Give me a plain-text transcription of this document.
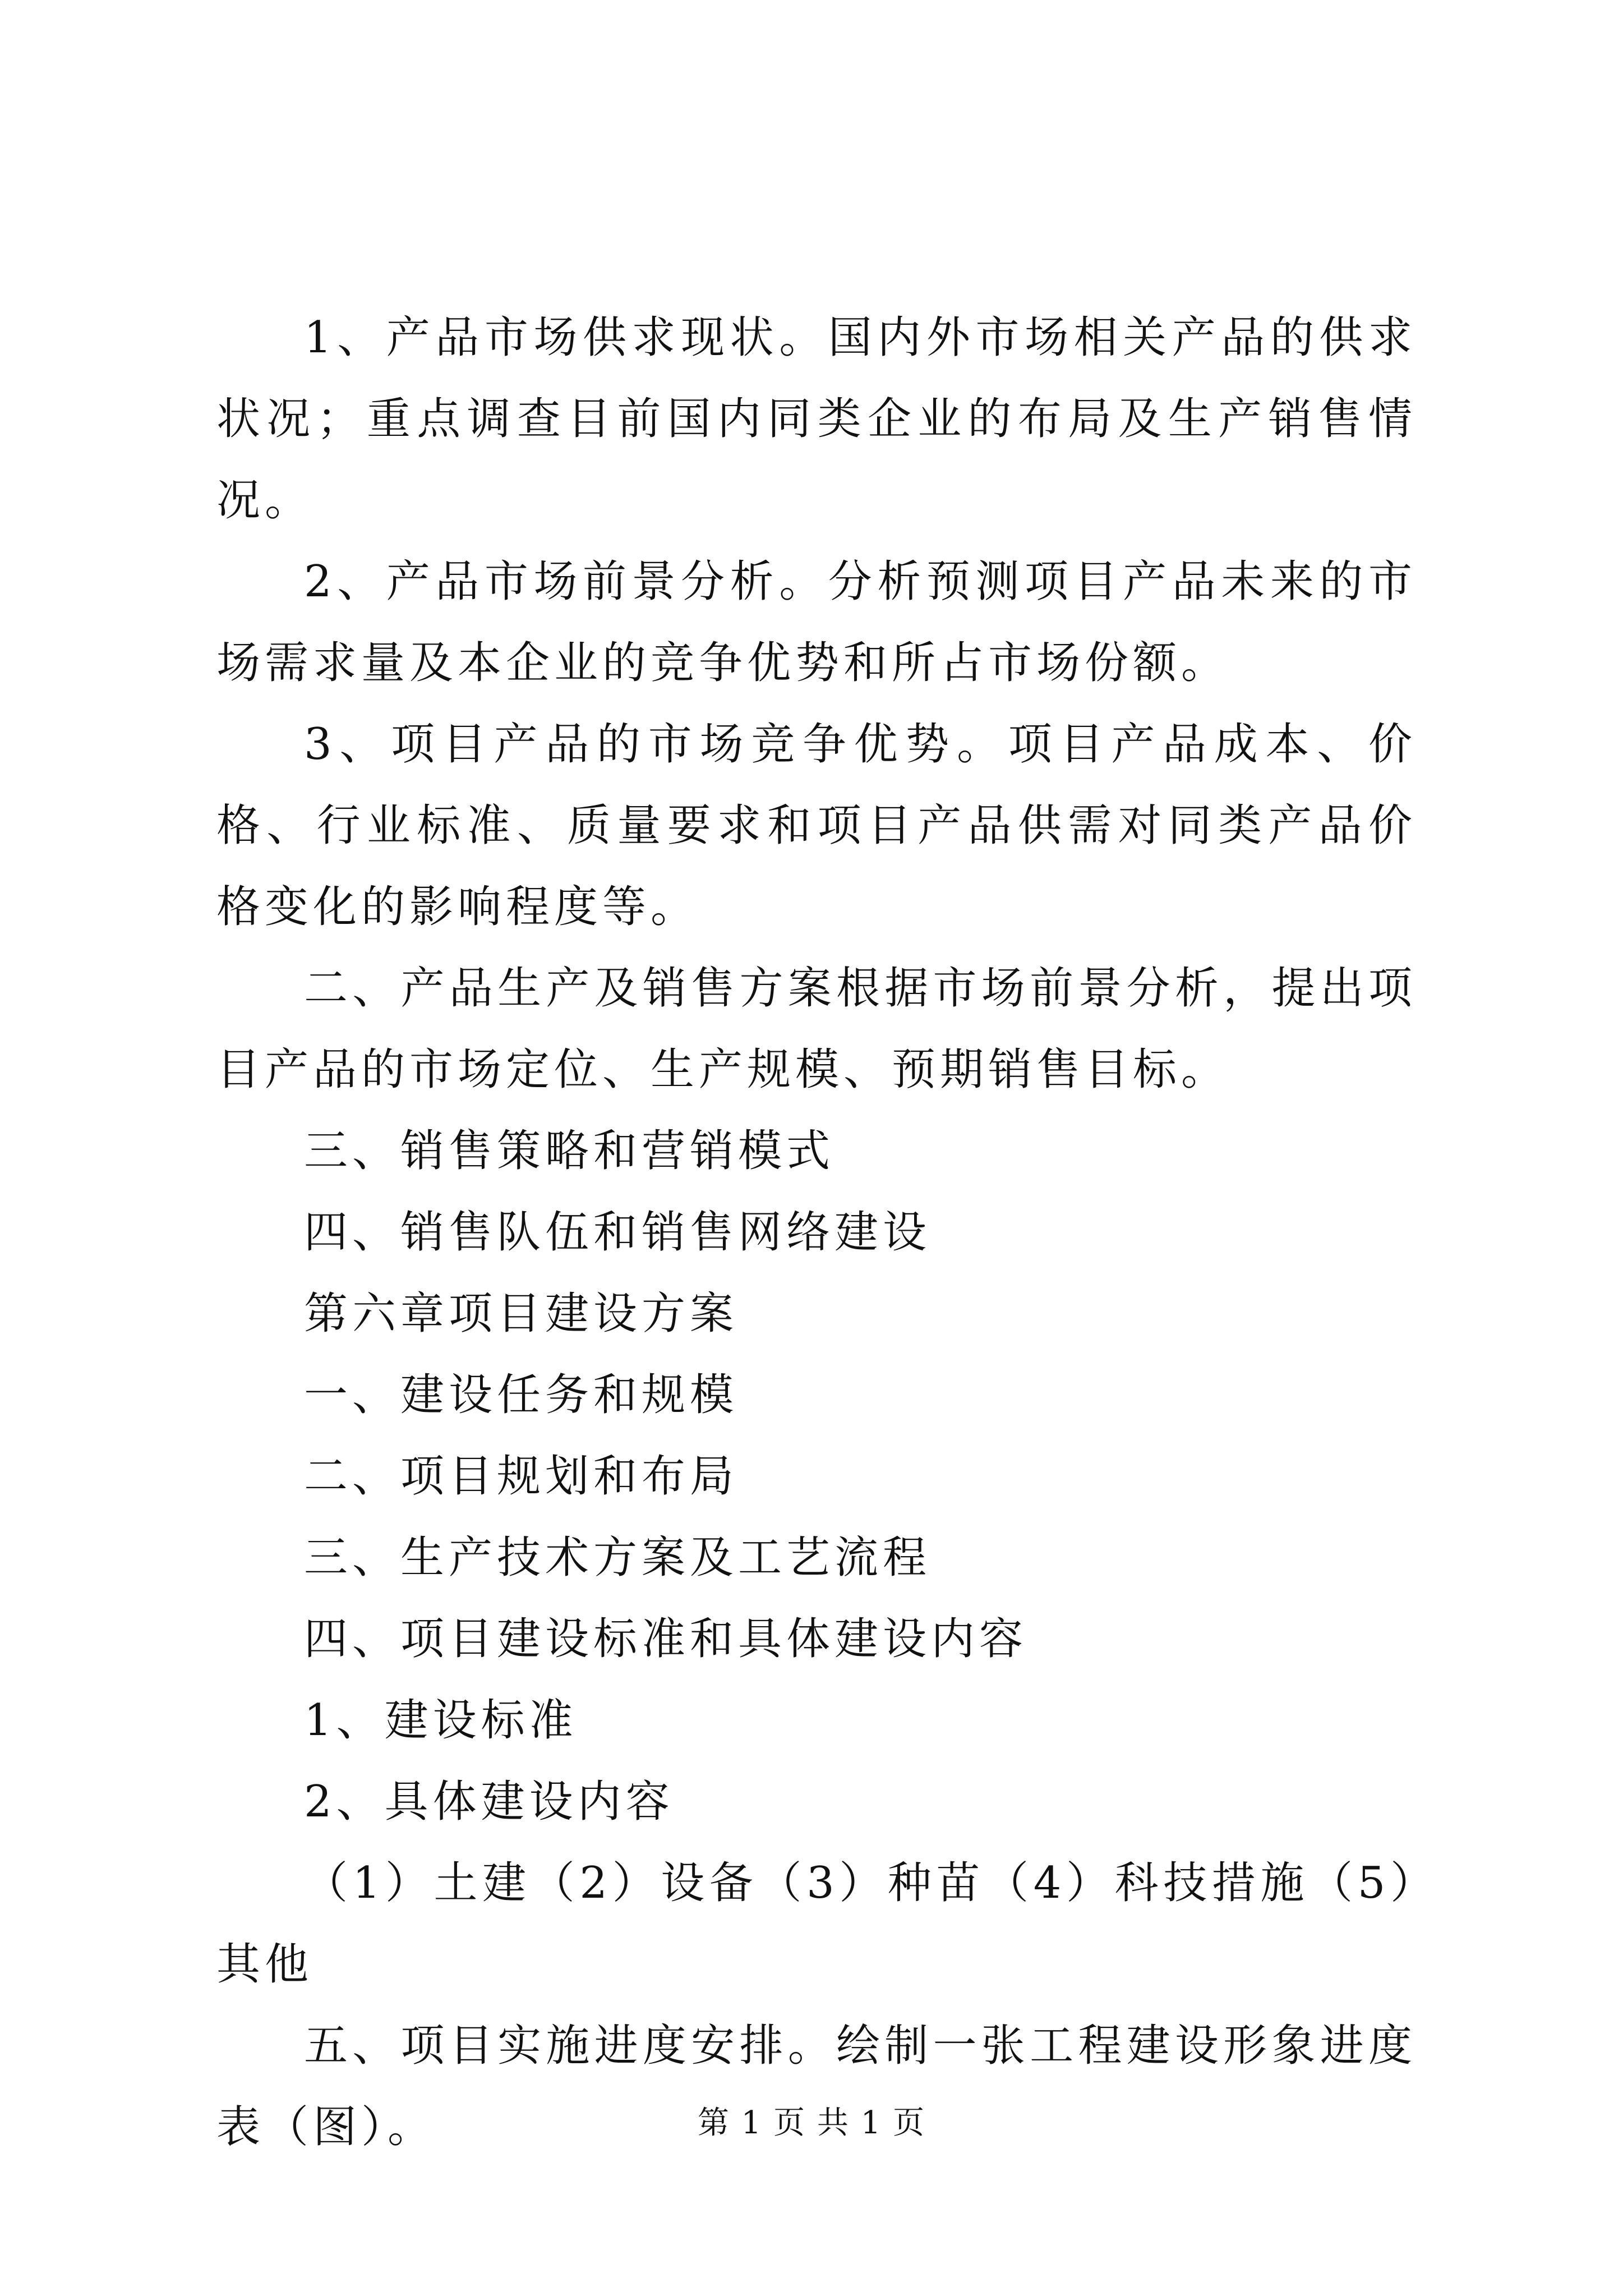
1、产品市场供求现状。国内外市场相关产品的供求状况；重点调查目前国内同类企业的布局及生产销售情况。

2、产品市场前景分析。分析预测项目产品未来的市场需求量及本企业的竞争优势和所占市场份额。

3、项目产品的市场竞争优势。项目产品成本、价格、行业标准、质量要求和项目产品供需对同类产品价格变化的影响程度等。

二、产品生产及销售方案根据市场前景分析，提出项目产品的市场定位、生产规模、预期销售目标。

三、销售策略和营销模式

四、销售队伍和销售网络建设

第六章项目建设方案

一、建设任务和规模

二、项目规划和布局

三、生产技术方案及工艺流程

四、项目建设标准和具体建设内容

1、建设标准

2、具体建设内容

（1）土建（2）设备（3）种苗（4）科技措施（5）其他

五、项目实施进度安排。绘制一张工程建设形象进度表（图）。	第 1 页 共 1 页
